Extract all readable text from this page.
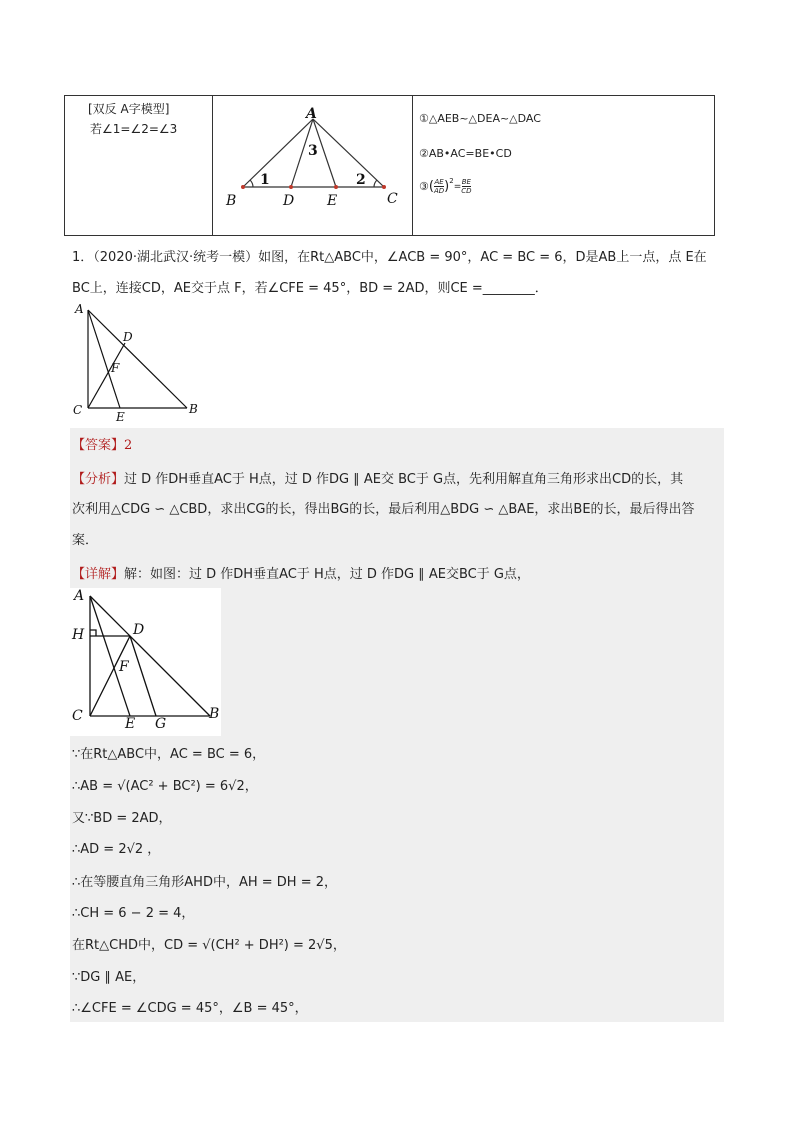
[双反 A字模型]
若∠1=∠2=∠3
A
3
1	2
B	D E	C
①△AEB~△DEA~△DAC
②AB•AC=BE•CD
③ ( AE
AD ) 2
= $\frac{BE}{CD}$
1．（2020·湖北武汉·统考一模）如图，在Rt△ABC中，∠ACB = 90°，AC = BC = 6，D是AB上一点，点 E在
BC上，连接CD，AE交于点 F，若∠CFE = 45°，BD = 2AD，则CE =________．
A
D
F
C	E
B
【答案】2
【分析】过 D 作DH垂直AC于 H点，过 D 作DG ∥ AE交 BC于 G点，先利用解直角三角形求出CD的长，其
次利用△CDG ∽ △CBD，求出CG的长，得出BG的长，最后利用△BDG ∽ △BAE，求出BE的长，最后得出答
案．
【详解】解：如图：过 D 作DH垂直AC于 H点，过 D 作DG ∥ AE交BC于 G点，
A
H	D
F
C	E G
B
∵在Rt△ABC中，AC = BC = 6，
∴AB = √(AC² + BC²) = 6√2，
又∵BD = 2AD，
∴AD = 2√2 ，
∴在等腰直角三角形AHD中，AH = DH = 2，
∴CH = 6 − 2 = 4，
在Rt△CHD中，CD = √(CH² + DH²) = 2√5，
∵DG ∥ AE，
∴∠CFE = ∠CDG = 45°，∠B = 45°，
